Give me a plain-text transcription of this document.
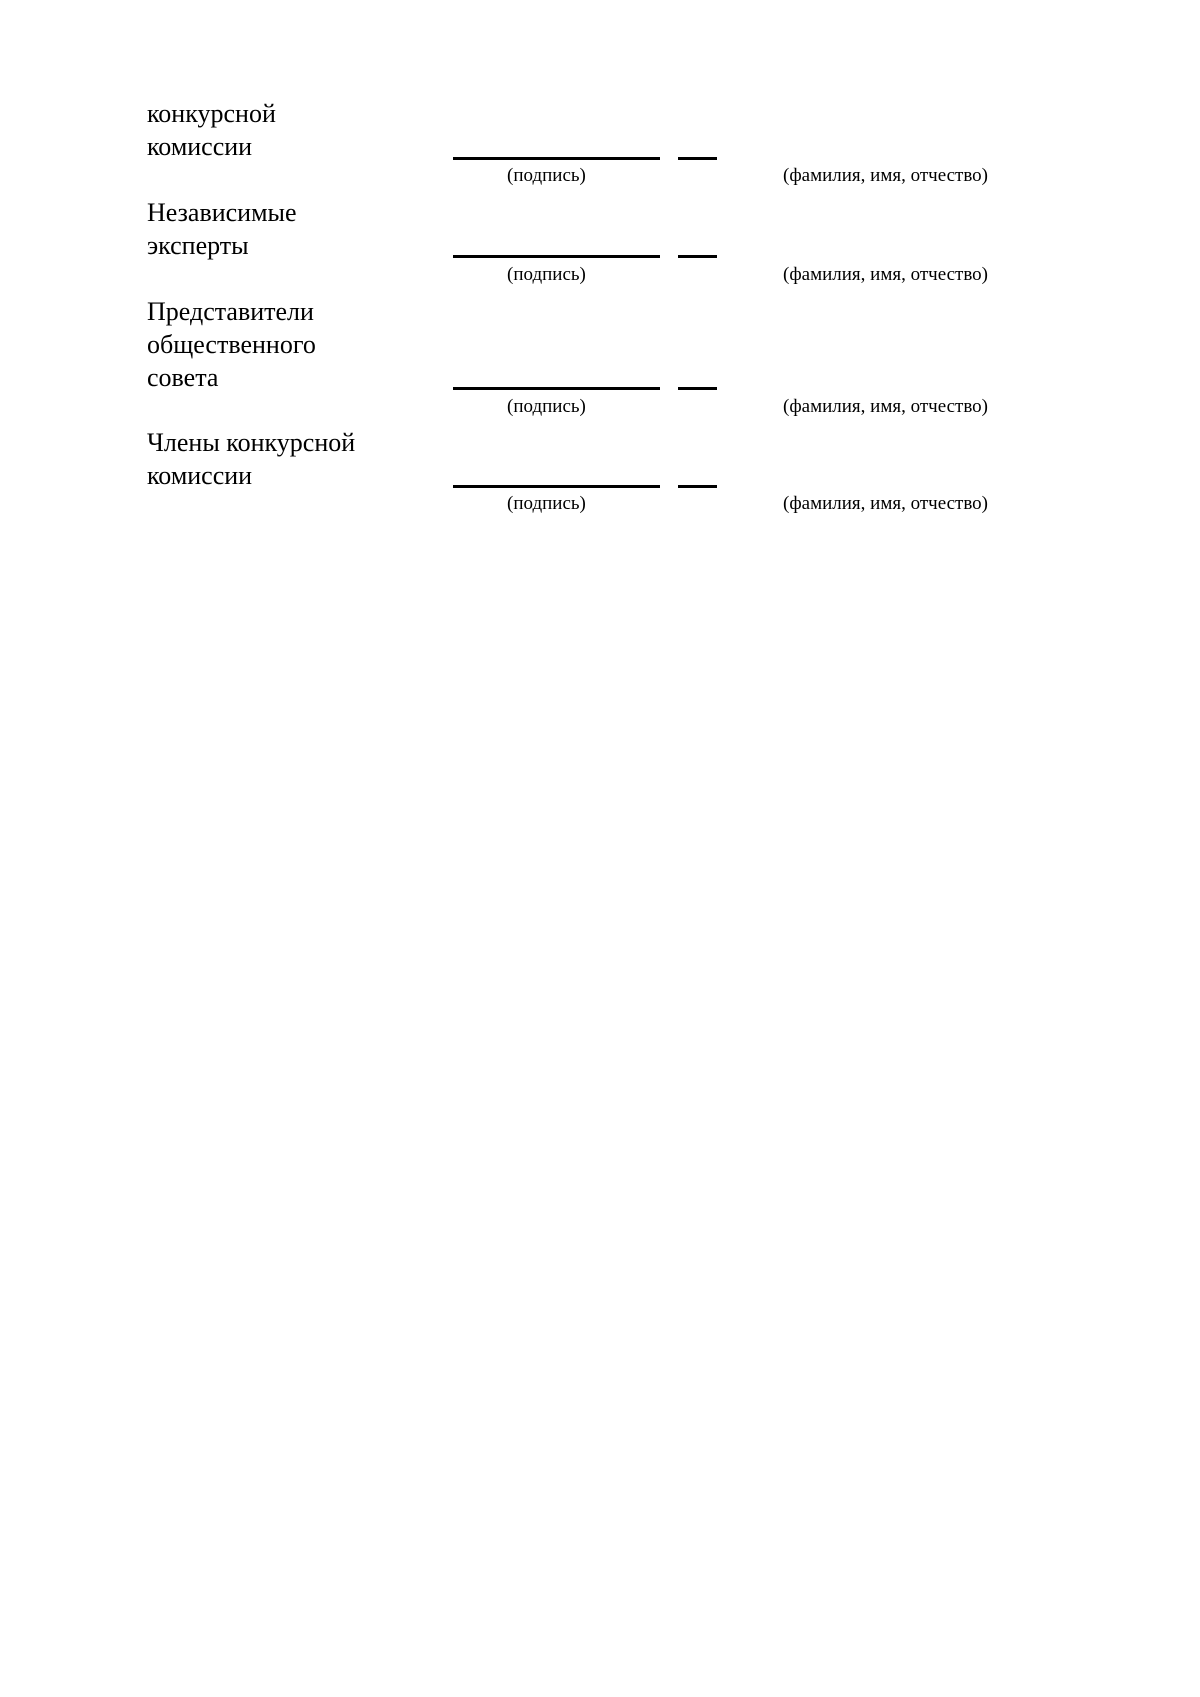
конкурсной
комиссии
(подпись)	(фамилия, имя, отчество)
Независимые
эксперты
(подпись)	(фамилия, имя, отчество)
Представители
общественного
совета
(подпись)	(фамилия, имя, отчество)
Члены конкурсной
комиссии
(подпись)	(фамилия, имя, отчество)
